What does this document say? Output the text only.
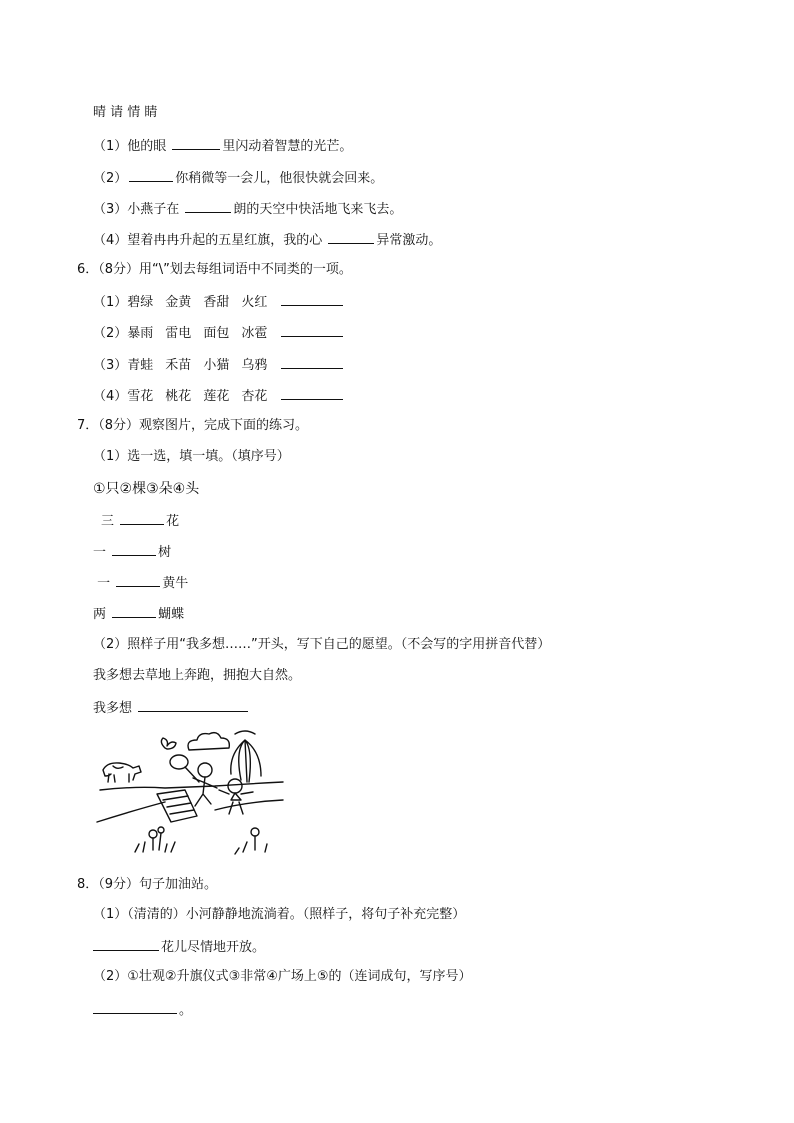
晴 请 情 睛
（1）他的眼	里闪动着智慧的光芒。
（2）	你稍微等一会儿，他很快就会回来。
（3）小燕子在	朗的天空中快活地飞来飞去。
（4）望着冉冉升起的五星红旗，我的心	异常激动。
6．（8分）用“\”划去每组词语中不同类的一项。
（1）碧绿 金黄 香甜 火红
（2）暴雨 雷电 面包 冰雹
（3）青蛙 禾苗 小猫 乌鸦
（4）雪花 桃花 莲花 杏花
7．（8分）观察图片，完成下面的练习。
（1）选一选，填一填。（填序号）
①只②棵③朵④头
三	花
一	树
一	黄牛
两	蝴蝶
（2）照样子用“我多想……”开头，写下自己的愿望。（不会写的字用拼音代替）
我多想去草地上奔跑，拥抱大自然。
我多想
8．（9分）句子加油站。
（1）（清清的）小河静静地流淌着。（照样子，将句子补充完整）
花儿尽情地开放。
（2）①壮观②升旗仪式③非常④广场上⑤的（连词成句，写序号）
。
